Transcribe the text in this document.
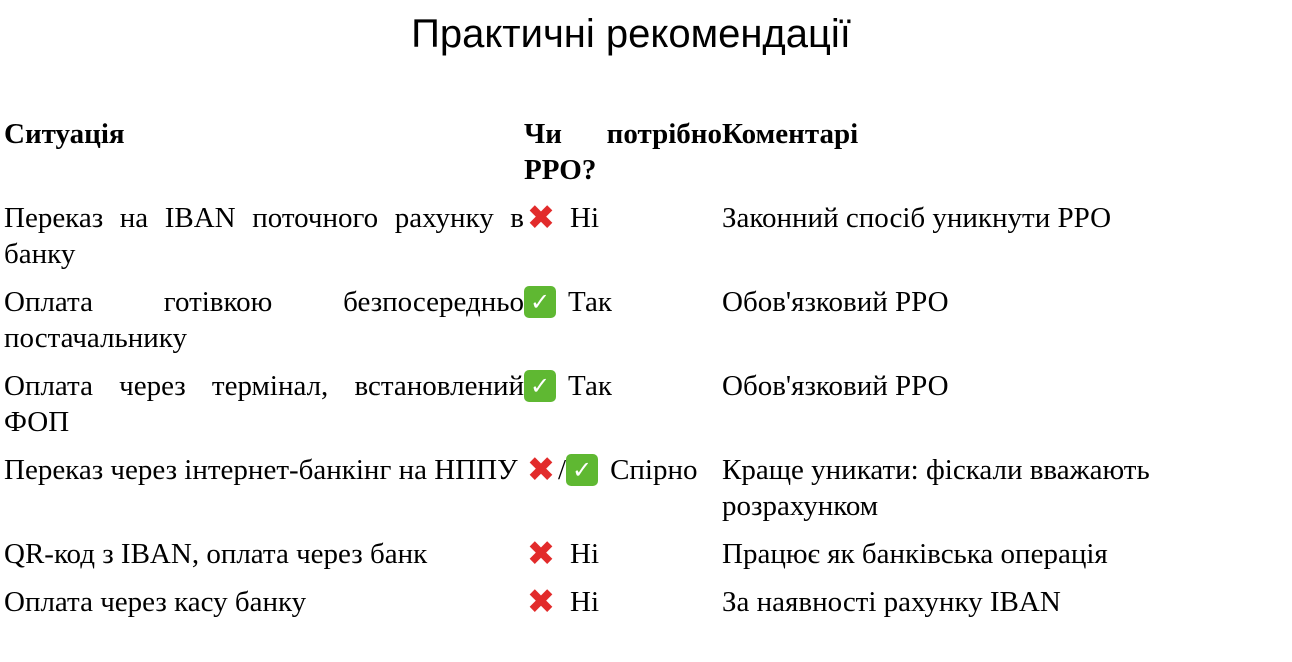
Практичні рекомендації
Ситуація	Чи потрібно РРО?	Коментарі
Переказ на IBAN поточного рахунку в банку	✖ Ні	Законний спосіб уникнути РРО
Оплата готівкою безпосередньо постачальнику	✓ Так	Обов'язковий РРО
Оплата через термінал, встановлений ФОП	✓ Так	Обов'язковий РРО
Переказ через інтернет-банкінг на НППУ	✖/ ✓ Спірно	Краще уникати: фіскали вважають розрахунком
QR-код з IBAN, оплата через банк	✖ Ні	Працює як банківська операція
Оплата через касу банку	✖ Ні	За наявності рахунку IBAN
